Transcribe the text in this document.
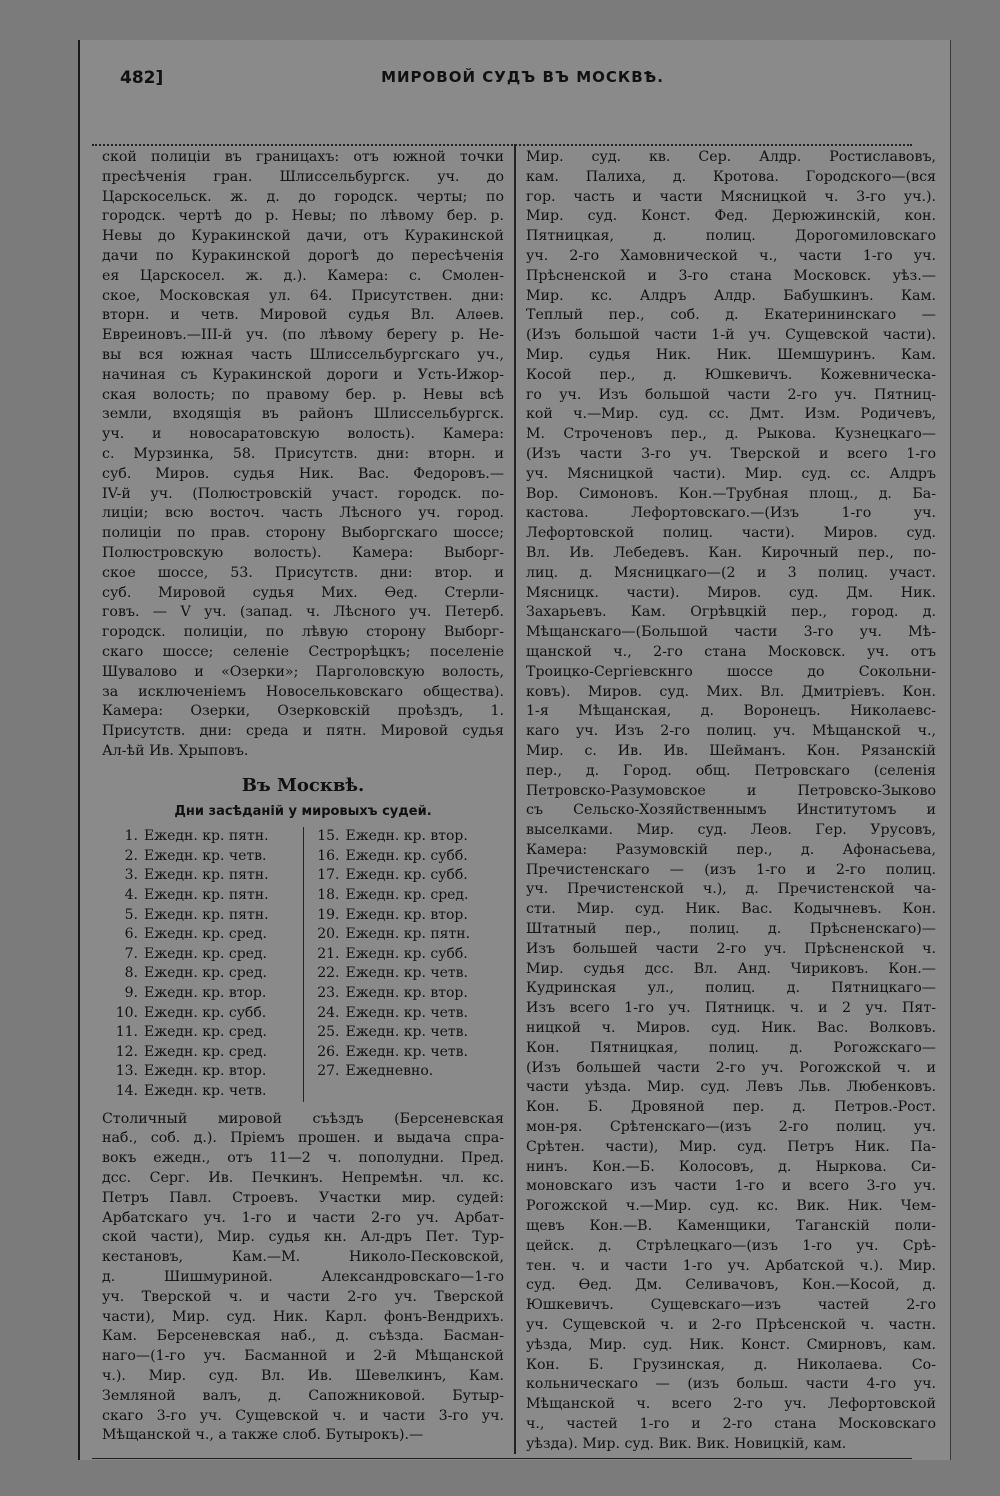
482]	МИРОВОЙ СУДЪ ВЪ МОСКВѢ.
ской полиціи въ границахъ: отъ южной точки
пресѣченія гран. Шлиссельбургск. уч. до
Царскосельск. ж. д. до городск. черты; по
городск. чертѣ до р. Невы; по лѣвому бер. р.
Невы до Куракинской дачи, отъ Куракинской
дачи по Куракинской дорогѣ до пересѣченія
ея Царскосел. ж. д.). Камера: с. Смолен-
ское, Московская ул. 64. Присутствен. дни:
вторн. и четв. Мировой судья Вл. Алѳев.
Евреиновъ.—III-й уч. (по лѣвому берегу р. Не-
вы вся южная часть Шлиссельбургскаго уч.,
начиная съ Куракинской дороги и Усть-Ижор-
ская волость; по правому бер. р. Невы всѣ
земли, входящія въ районъ Шлиссельбургск.
уч. и новосаратовскую волость). Камера:
с. Мурзинка, 58. Присутств. дни: вторн. и
суб. Миров. судья Ник. Вас. Федоровъ.—
IV-й уч. (Полюстровскій участ. городск. по-
лиціи; всю восточ. часть Лѣсного уч. город.
полиціи по прав. сторону Выборгскаго шоссе;
Полюстровскую волость). Камера: Выборг-
ское шоссе, 53. Присутств. дни: втор. и
суб. Мировой судья Мих. Ѳед. Стерли-
говъ. — V уч. (запад. ч. Лѣсного уч. Петерб.
городск. полиціи, по лѣвую сторону Выборг-
скаго шоссе; селеніе Сестрорѣцкъ; поселеніе
Шувалово и «Озерки»; Парголовскую волость,
за исключеніемъ Новосельковскаго общества).
Камера: Озерки, Озерковскій проѣздъ, 1.
Присутств. дни: среда и пятн. Мировой судья
Ал-ѣй Ив. Хрыповъ.
Въ Москвѣ.
Дни засѣданій у мировыхъ судей.
1. Ежедн. кр. пятн.
2. Ежедн. кр. четв.
3. Ежедн. кр. пятн.
4. Ежедн. кр. пятн.
5. Ежедн. кр. пятн.
6. Ежедн. кр. сред.
7. Ежедн. кр. сред.
8. Ежедн. кр. сред.
9. Ежедн. кр. втор.
10. Ежедн. кр. субб.
11. Ежедн. кр. сред.
12. Ежедн. кр. сред.
13. Ежедн. кр. втор.
14. Ежедн. кр. четв.
15. Ежедн. кр. втор.
16. Ежедн. кр. субб.
17. Ежедн. кр. субб.
18. Ежедн. кр. сред.
19. Ежедн. кр. втор.
20. Ежедн. кр. пятн.
21. Ежедн. кр. субб.
22. Ежедн. кр. четв.
23. Ежедн. кр. втор.
24. Ежедн. кр. четв.
25. Ежедн. кр. четв.
26. Ежедн. кр. четв.
27. Ежедневно.
Столичный мировой съѣздъ (Берсеневская
наб., соб. д.). Пріемъ прошен. и выдача спра-
вокъ ежедн., отъ 11—2 ч. пополудни. Пред.
дсс. Серг. Ив. Печкинъ. Непремѣн. чл. кс.
Петръ Павл. Строевъ. Участки мир. судей:
Арбатскаго уч. 1-го и части 2-го уч. Арбат-
ской части), Мир. судья кн. Ал-дръ Пет. Тур-
кестановъ, Кам.—М. Николо-Песковской,
д. Шишмуриной. Александровскаго—1-го
уч. Тверской ч. и части 2-го уч. Тверской
части), Мир. суд. Ник. Карл. фонъ-Вендрихъ.
Кам. Берсеневская наб., д. съѣзда. Басман-
наго—(1-го уч. Басманной и 2-й Мѣщанской
ч.). Мир. суд. Вл. Ив. Шевелкинъ, Кам.
Земляной валъ, д. Сапожниковой. Бутыр-
скаго 3-го уч. Сущевской ч. и части 3-го уч.
Мѣщанской ч., а также слоб. Бутырокъ).—
Мир. суд. кв. Сер. Алдр. Ростиславовъ,
кам. Палиха, д. Кротова. Городского—(вся
гор. часть и части Мясницкой ч. 3-го уч.).
Мир. суд. Конст. Фед. Дерюжинскій, кон.
Пятницкая, д. полиц. Дорогомиловскаго
уч. 2-го Хамовнической ч., части 1-го уч.
Прѣсненской и 3-го стана Московск. уѣз.—
Мир. кс. Алдръ Алдр. Бабушкинъ. Кам.
Теплый пер., соб. д. Екатерининскаго —
(Изъ большой части 1-й уч. Сущевской части).
Мир. судья Ник. Ник. Шемшуринъ. Кам.
Косой пер., д. Юшкевичъ. Кожевническа-
го уч. Изъ большой части 2-го уч. Пятниц-
кой ч.—Мир. суд. сс. Дмт. Изм. Родичевъ,
М. Строченовъ пер., д. Рыкова. Кузнецкаго—
(Изъ части 3-го уч. Тверской и всего 1-го
уч. Мясницкой части). Мир. суд. сс. Алдръ
Вор. Симоновъ. Кон.—Трубная площ., д. Ба-
кастова. Лефортовскаго.—(Изъ 1-го уч.
Лефортовской полиц. части). Миров. суд.
Вл. Ив. Лебедевъ. Кан. Кирочный пер., по-
лиц. д. Мясницкаго—(2 и 3 полиц. участ.
Мясницк. части). Миров. суд. Дм. Ник.
Захарьевъ. Кам. Огрѣвцкій пер., город. д.
Мѣщанскаго—(Большой части 3-го уч. Мѣ-
щанской ч., 2-го стана Московск. уч. отъ
Троицко-Сергіевскнго шоссе до Сокольни-
ковъ). Миров. суд. Мих. Вл. Дмитріевъ. Кон.
1-я Мѣщанская, д. Воронецъ. Николаевс-
каго уч. Изъ 2-го полиц. уч. Мѣщанской ч.,
Мир. с. Ив. Ив. Шейманъ. Кон. Рязанскій
пер., д. Город. общ. Петровскаго (селенія
Петровско-Разумовское и Петровско-Зыково
съ Сельско-Хозяйственнымъ Институтомъ и
выселками. Мир. суд. Леов. Гер. Урусовъ,
Камера: Разумовскій пер., д. Афонасьева,
Пречистенскаго — (изъ 1-го и 2-го полиц.
уч. Пречистенской ч.), д. Пречистенской ча-
сти. Мир. суд. Ник. Вас. Кодычневъ. Кон.
Штатный пер., полиц. д. Прѣсненскаго)—
Изъ большей части 2-го уч. Прѣсненской ч.
Мир. судья дсс. Вл. Анд. Чириковъ. Кон.—
Кудринская ул., полиц. д. Пятницкаго—
Изъ всего 1-го уч. Пятницк. ч. и 2 уч. Пят-
ницкой ч. Миров. суд. Ник. Вас. Волковъ.
Кон. Пятницкая, полиц. д. Рогожскаго—
(Изъ большей части 2-го уч. Рогожской ч. и
части уѣзда. Мир. суд. Левъ Льв. Любенковъ.
Кон. Б. Дровяной пер. д. Петров.-Рост.
мон-ря. Срѣтенскаго—(изъ 2-го полиц. уч.
Срѣтен. части), Мир. суд. Петръ Ник. Па-
нинъ. Кон.—Б. Колосовъ, д. Ныркова. Си-
моновскаго изъ части 1-го и всего 3-го уч.
Рогожской ч.—Мир. суд. кс. Вик. Ник. Чем-
щевъ Кон.—В. Каменщики, Таганскій поли-
цейск. д. Стрѣлецкаго—(изъ 1-го уч. Срѣ-
тен. ч. и части 1-го уч. Арбатской ч.). Мир.
суд. Ѳед. Дм. Селивачовъ, Кон.—Косой, д.
Юшкевичъ. Сущевскаго—изъ частей 2-го
уч. Сущевской ч. и 2-го Прѣсенской ч. частн.
уѣзда, Мир. суд. Ник. Конст. Смирновъ, кам.
Кон. Б. Грузинская, д. Николаева. Со-
кольническаго — (изъ больш. части 4-го уч.
Мѣщанской ч. всего 2-го уч. Лефортовской
ч., частей 1-го и 2-го стана Московскаго
уѣзда). Мир. суд. Вик. Вик. Новицкій, кам.
